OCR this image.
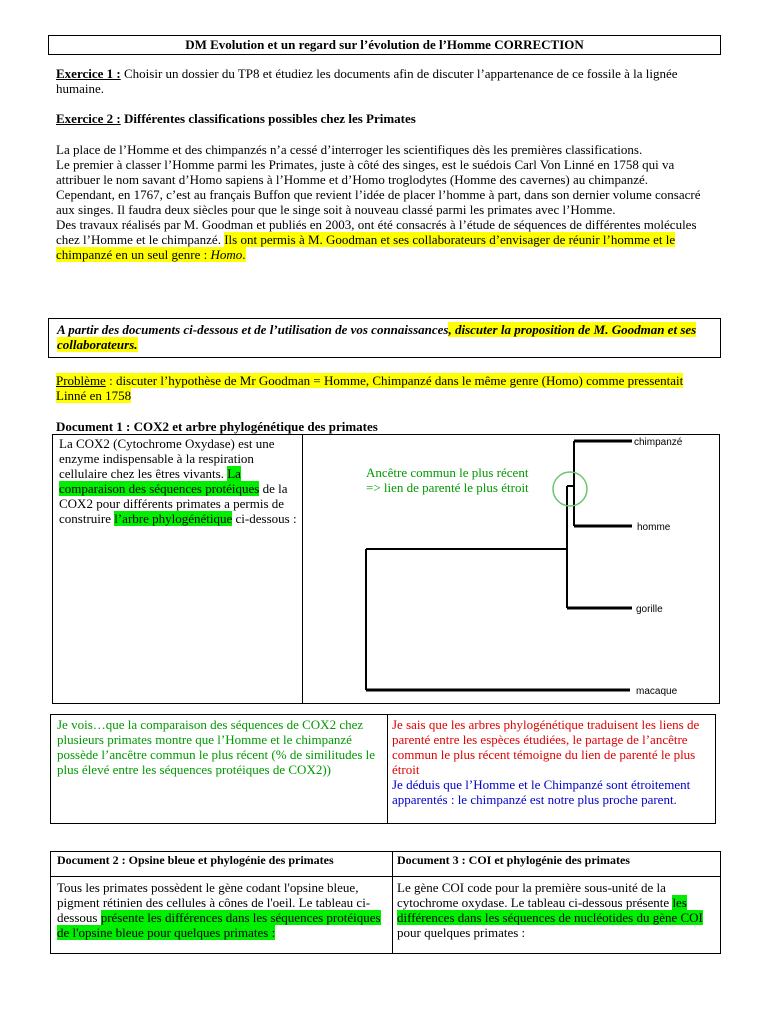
DM Evolution et un regard sur l’évolution de l’Homme CORRECTION

Exercice 1 : Choisir un dossier du TP8 et étudiez les documents afin de discuter l’appartenance de ce fossile à la lignée humaine.

Exercice 2 : Différentes classifications possibles chez les Primates

La place de l’Homme et des chimpanzés n’a cessé d’interroger les scientifiques dès les premières classifications.

Le premier à classer l’Homme parmi les Primates, juste à côté des singes, est le suédois Carl Von Linné en 1758 qui va attribuer le nom savant d’Homo sapiens à l’Homme et d’Homo troglodytes (Homme des cavernes) au chimpanzé.

Cependant, en 1767, c’est au français Buffon que revient l’idée de placer l’homme à part, dans son dernier volume consacré aux singes. Il faudra deux siècles pour que le singe soit à nouveau classé parmi les primates avec l’Homme.

Des travaux réalisés par M. Goodman et publiés en 2003, ont été consacrés à l’étude de séquences de différentes molécules chez l’Homme et le chimpanzé. Ils ont permis à M. Goodman et ses collaborateurs d’envisager de réunir l’homme et le chimpanzé en un seul genre : Homo.

A partir des documents ci-dessous et de l’utilisation de vos connaissances, discuter la proposition de M. Goodman et ses collaborateurs.

Problème : discuter l’hypothèse de Mr Goodman = Homme, Chimpanzé dans le même genre (Homo) comme pressentait Linné en 1758

Document 1 : COX2 et arbre phylogénétique des primates

La COX2 (Cytochrome Oxydase) est une enzyme indispensable à la respiration cellulaire chez les êtres vivants. La comparaison des séquences protéiques de la COX2 pour différents primates a permis de construire l’arbre phylogénétique ci-dessous :
chimpanzé
homme
gorille
macaque

Ancêtre commun le plus récent => lien de parenté le plus étroit

Je vois…que la comparaison des séquences de COX2 chez plusieurs primates montre que l’Homme et le chimpanzé possède l’ancêtre commun le plus récent (% de similitudes le plus élevé entre les séquences protéiques de COX2))

Je sais que les arbres phylogénétique traduisent les liens de parenté entre les espèces étudiées, le partage de l’ancêtre commun le plus récent témoigne du lien de parenté le plus étroit

Je déduis que l’Homme et le Chimpanzé sont étroitement apparentés : le chimpanzé est notre plus proche parent.

Document 2 : Opsine bleue et phylogénie des primates	Document 3 : COI et phylogénie des primates
Tous les primates possèdent le gène codant l'opsine bleue, pigment rétinien des cellules à cônes de l'oeil. Le tableau ci-dessous présente les différences dans les séquences protéiques de l'opsine bleue pour quelques primates :
Le gène COI code pour la première sous-unité de la cytochrome oxydase. Le tableau ci-dessous présente les différences dans les séquences de nucléotides du gène COI pour quelques primates :
